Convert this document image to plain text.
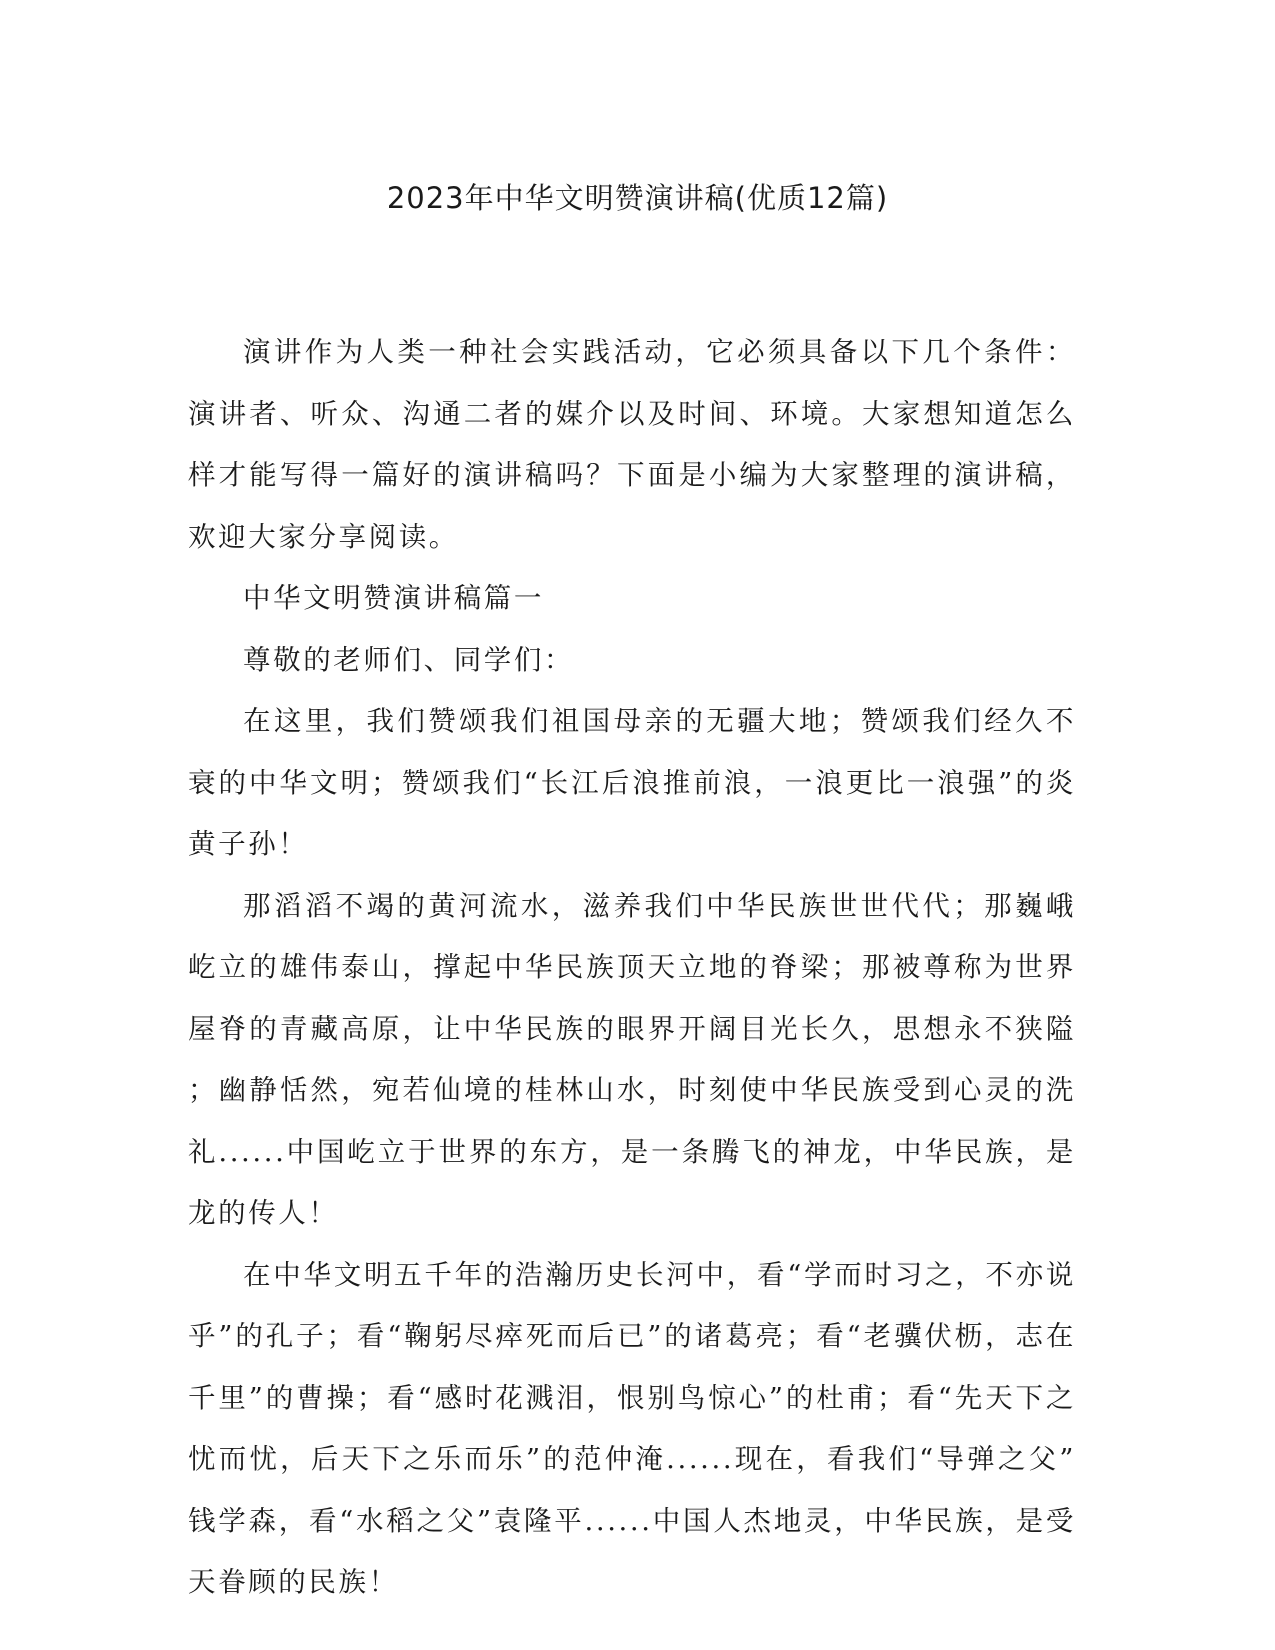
2023年中华文明赞演讲稿(优质12篇)

演讲作为人类一种社会实践活动，它必须具备以下几个条件：演讲者、听众、沟通二者的媒介以及时间、环境。大家想知道怎么样才能写得一篇好的演讲稿吗？下面是小编为大家整理的演讲稿，欢迎大家分享阅读。

中华文明赞演讲稿篇一

尊敬的老师们、同学们：

在这里，我们赞颂我们祖国母亲的无疆大地；赞颂我们经久不衰的中华文明；赞颂我们“长江后浪推前浪，一浪更比一浪强”的炎黄子孙！

那滔滔不竭的黄河流水，滋养我们中华民族世世代代；那巍峨屹立的雄伟泰山，撑起中华民族顶天立地的脊梁；那被尊称为世界屋脊的青藏高原，让中华民族的眼界开阔目光长久，思想永不狭隘；幽静恬然，宛若仙境的桂林山水，时刻使中华民族受到心灵的洗礼......中国屹立于世界的东方，是一条腾飞的神龙，中华民族，是龙的传人！

在中华文明五千年的浩瀚历史长河中，看“学而时习之，不亦说乎”的孔子；看“鞠躬尽瘁死而后已”的诸葛亮；看“老骥伏枥，志在千里”的曹操；看“感时花溅泪，恨别鸟惊心”的杜甫；看“先天下之忧而忧，后天下之乐而乐”的范仲淹......现在，看我们“导弹之父”钱学森，看“水稻之父”袁隆平......中国人杰地灵，中华民族，是受天眷顾的民族！
